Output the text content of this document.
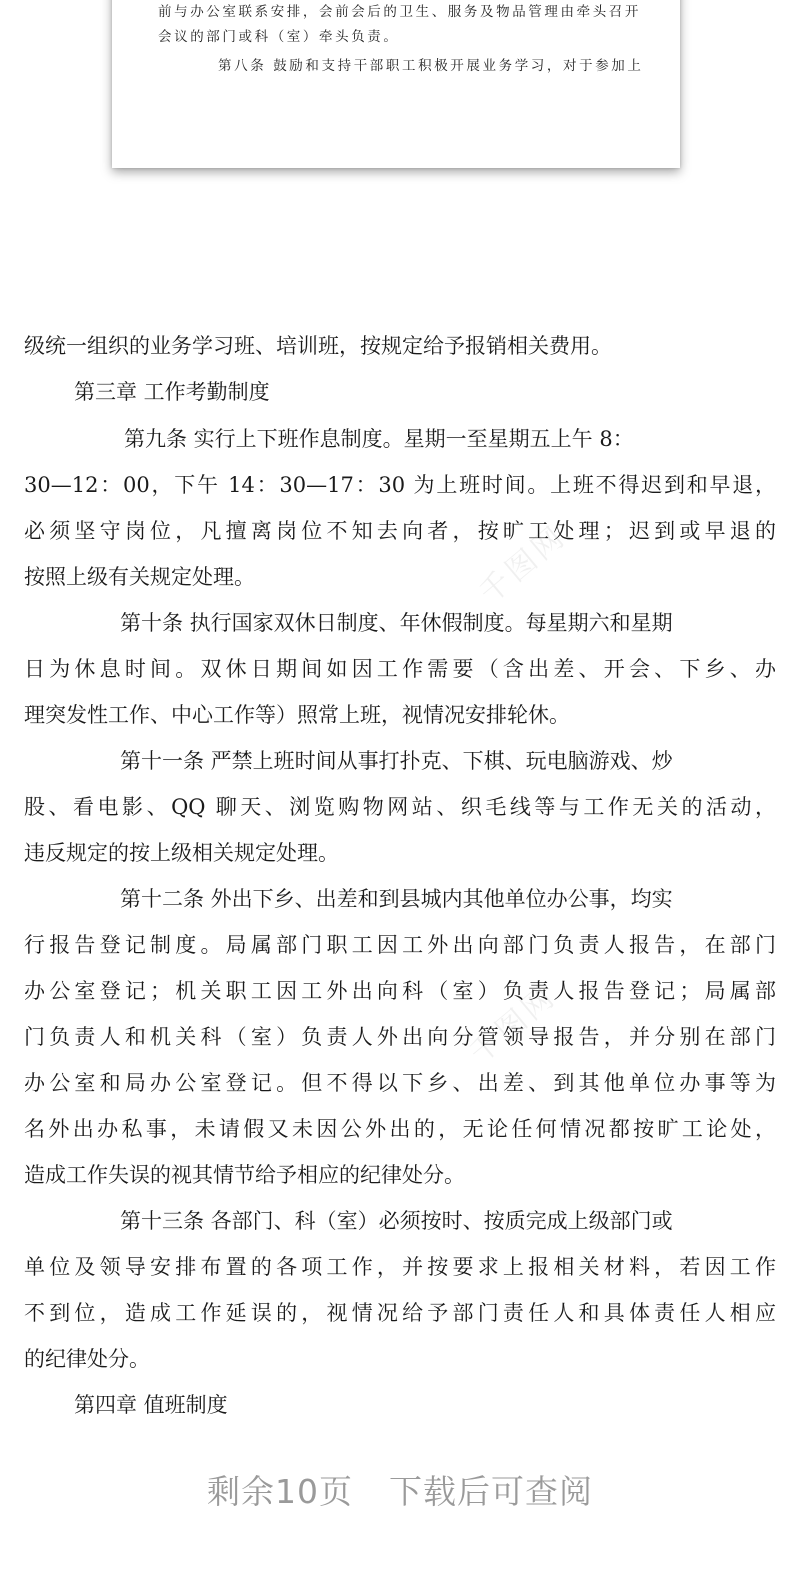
前与办公室联系安排，会前会后的卫生、服务及物品管理由牵头召开
会议的部门或科（室）牵头负责。
第八条 鼓励和支持干部职工积极开展业务学习，对于参加上
千图网
千图网
级统一组织的业务学习班、培训班，按规定给予报销相关费用。
第三章 工作考勤制度
第九条 实行上下班作息制度。星期一至星期五上午 8：
30—12：00，下午 14：30—17：30 为上班时间。上班不得迟到和早退，
必须坚守岗位，凡擅离岗位不知去向者，按旷工处理；迟到或早退的
按照上级有关规定处理。
第十条 执行国家双休日制度、年休假制度。每星期六和星期
日为休息时间。双休日期间如因工作需要（含出差、开会、下乡、办
理突发性工作、中心工作等）照常上班，视情况安排轮休。
第十一条 严禁上班时间从事打扑克、下棋、玩电脑游戏、炒
股、看电影、QQ 聊天、浏览购物网站、织毛线等与工作无关的活动，
违反规定的按上级相关规定处理。
第十二条 外出下乡、出差和到县城内其他单位办公事，均实
行报告登记制度。局属部门职工因工外出向部门负责人报告，在部门
办公室登记；机关职工因工外出向科（室）负责人报告登记；局属部
门负责人和机关科（室）负责人外出向分管领导报告，并分别在部门
办公室和局办公室登记。但不得以下乡、出差、到其他单位办事等为
名外出办私事，未请假又未因公外出的，无论任何情况都按旷工论处，
造成工作失误的视其情节给予相应的纪律处分。
第十三条 各部门、科（室）必须按时、按质完成上级部门或
单位及领导安排布置的各项工作，并按要求上报相关材料，若因工作
不到位，造成工作延误的，视情况给予部门责任人和具体责任人相应
的纪律处分。
第四章 值班制度
剩余10页 下载后可查阅
